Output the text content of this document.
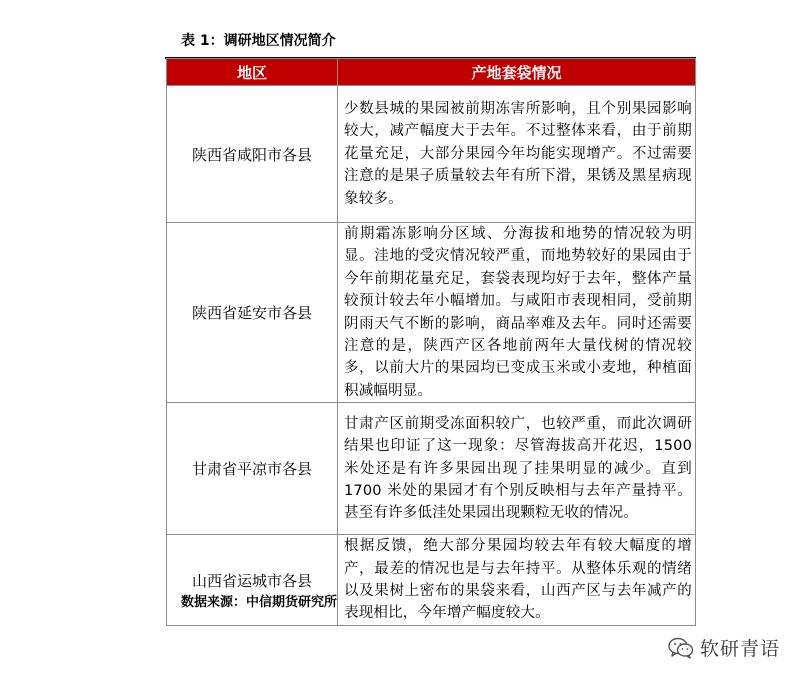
表 1：调研地区情况简介
地区	产地套袋情况
陕西省咸阳市各县	少数县城的果园被前期冻害所影响，且个别果园影响较大，减产幅度大于去年。不过整体来看，由于前期花量充足，大部分果园今年均能实现增产。不过需要注意的是果子质量较去年有所下滑，果锈及黑星病现象较多。
陕西省延安市各县	前期霜冻影响分区域、分海拔和地势的情况较为明显。洼地的受灾情况较严重，而地势较好的果园由于今年前期花量充足，套袋表现均好于去年，整体产量较预计较去年小幅增加。与咸阳市表现相同，受前期阴雨天气不断的影响，商品率难及去年。同时还需要注意的是，陕西产区各地前两年大量伐树的情况较多，以前大片的果园均已变成玉米或小麦地，种植面积减幅明显。
甘肃省平凉市各县	甘肃产区前期受冻面积较广，也较严重，而此次调研结果也印证了这一现象：尽管海拔高开花迟，1500 米处还是有许多果园出现了挂果明显的减少。直到 1700 米处的果园才有个别反映相与去年产量持平。甚至有许多低洼处果园出现颗粒无收的情况。
山西省运城市各县	根据反馈，绝大部分果园均较去年有较大幅度的增产，最差的情况也是与去年持平。从整体乐观的情绪以及果树上密布的果袋来看，山西产区与去年减产的表现相比，今年增产幅度较大。
数据来源：中信期货研究所
软研青语
